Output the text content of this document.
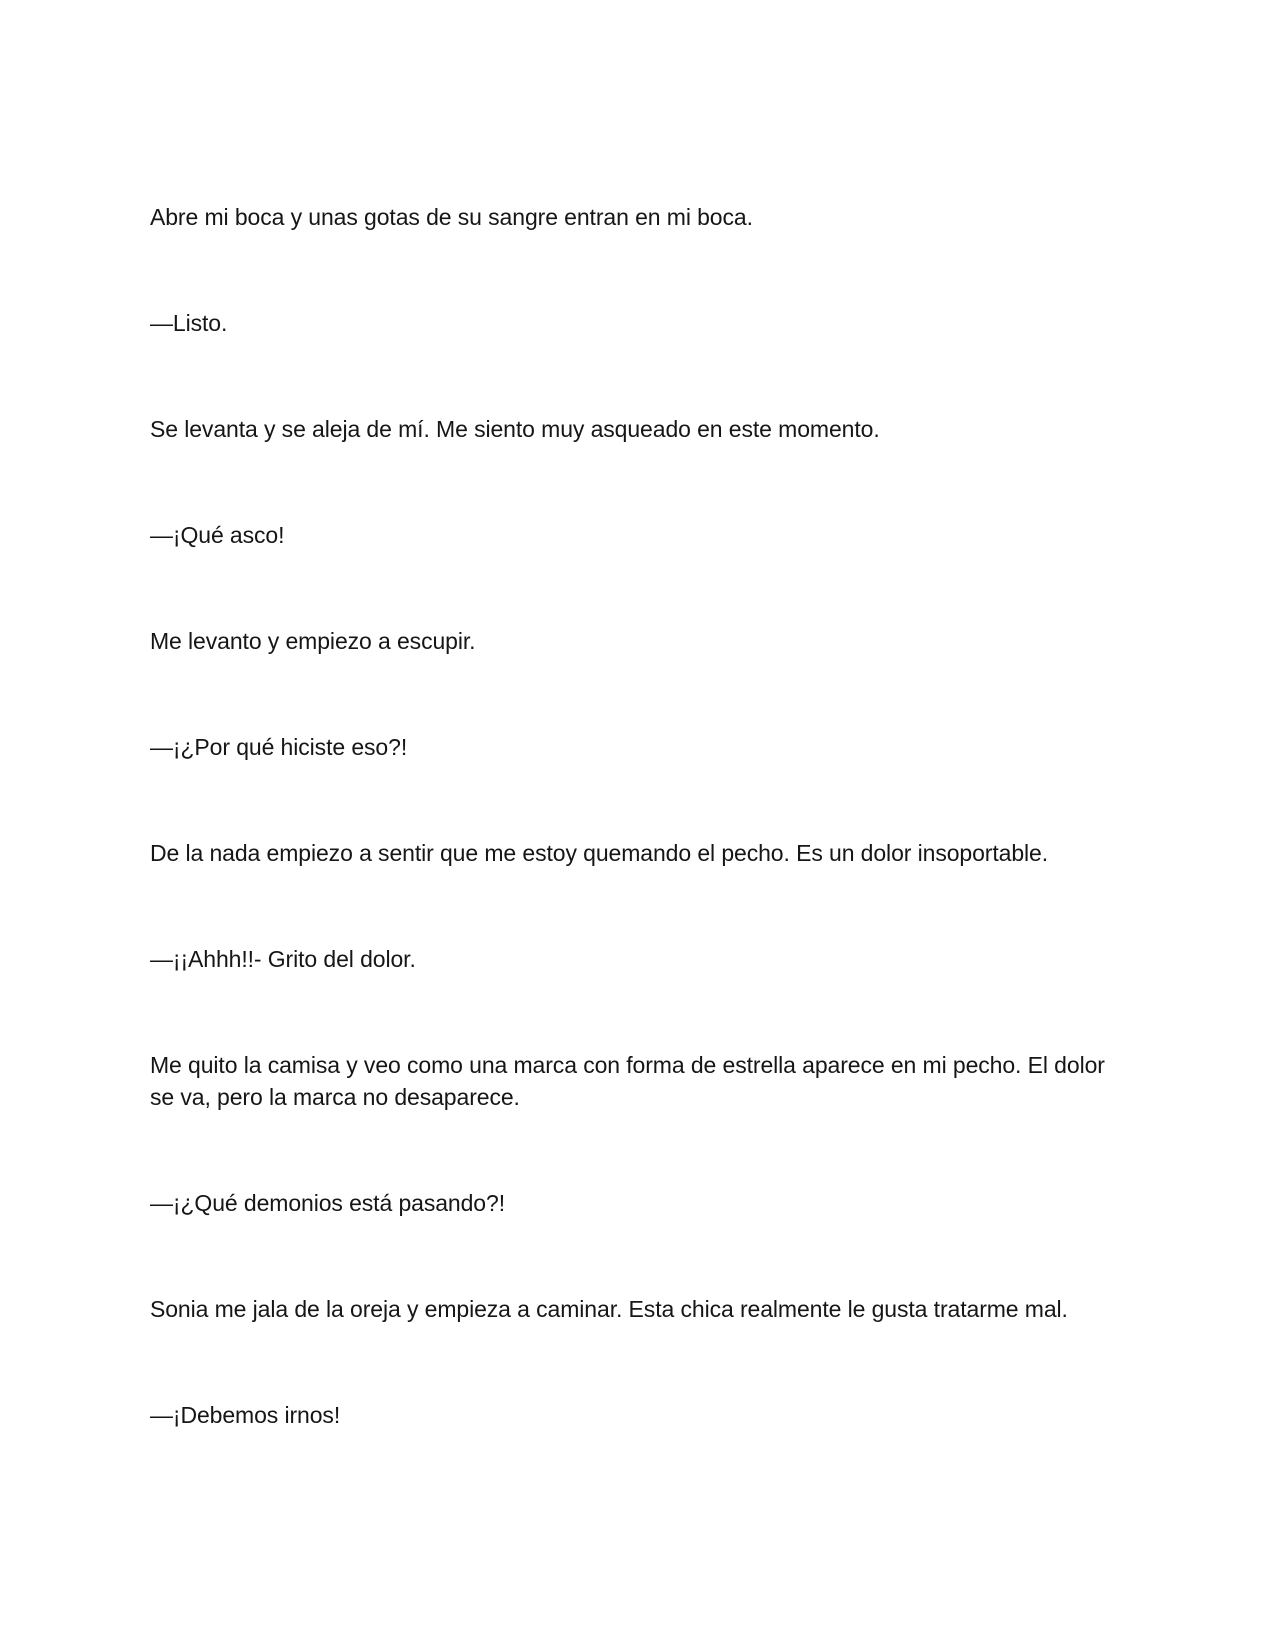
Abre mi boca y unas gotas de su sangre entran en mi boca.

—Listo.

Se levanta y se aleja de mí. Me siento muy asqueado en este momento.

—¡Qué asco!

Me levanto y empiezo a escupir.

—¡¿Por qué hiciste eso?!

De la nada empiezo a sentir que me estoy quemando el pecho. Es un dolor insoportable.

—¡¡Ahhh!!- Grito del dolor.

Me quito la camisa y veo como una marca con forma de estrella aparece en mi pecho. El dolor se va, pero la marca no desaparece.

—¡¿Qué demonios está pasando?!

Sonia me jala de la oreja y empieza a caminar. Esta chica realmente le gusta tratarme mal.

—¡Debemos irnos!
